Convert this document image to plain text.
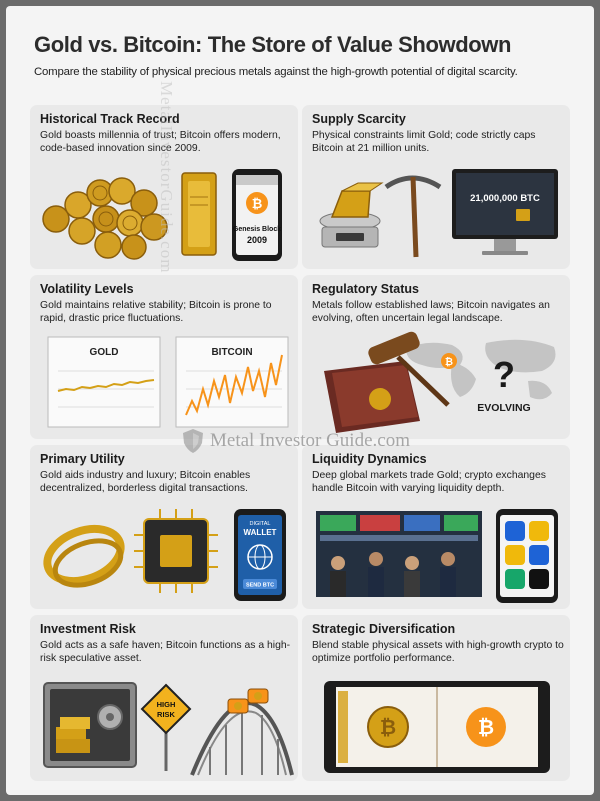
Gold vs. Bitcoin: The Store of Value Showdown
Compare the stability of physical precious metals against the high-growth potential of digital scarcity.
Historical Track Record
Gold boasts millennia of trust; Bitcoin offers modern, code-based innovation since 2009.
₿
Genesis Block
2009
Supply Scarcity
Physical constraints limit Gold; code strictly caps Bitcoin at 21 million units.
21,000,000 BTC
Volatility Levels
Gold maintains relative stability; Bitcoin is prone to rapid, drastic price fluctuations.
GOLD	BITCOIN
Regulatory Status
Metals follow established laws; Bitcoin navigates an evolving, often uncertain legal landscape.
₿ ?
EVOLVING
Primary Utility
Gold aids industry and luxury; Bitcoin enables decentralized, borderless digital transactions.
DIGITAL
WALLET
SEND BTC
Liquidity Dynamics
Deep global markets trade Gold; crypto exchanges handle Bitcoin with varying liquidity depth.
Investment Risk
Gold acts as a safe haven; Bitcoin functions as a high-risk speculative asset.
HIGH
RISK
Strategic Diversification
Blend stable physical assets with high-growth crypto to optimize portfolio performance.
₿	₿
MetalInvestorGuide.com
Metal Investor Guide.com
